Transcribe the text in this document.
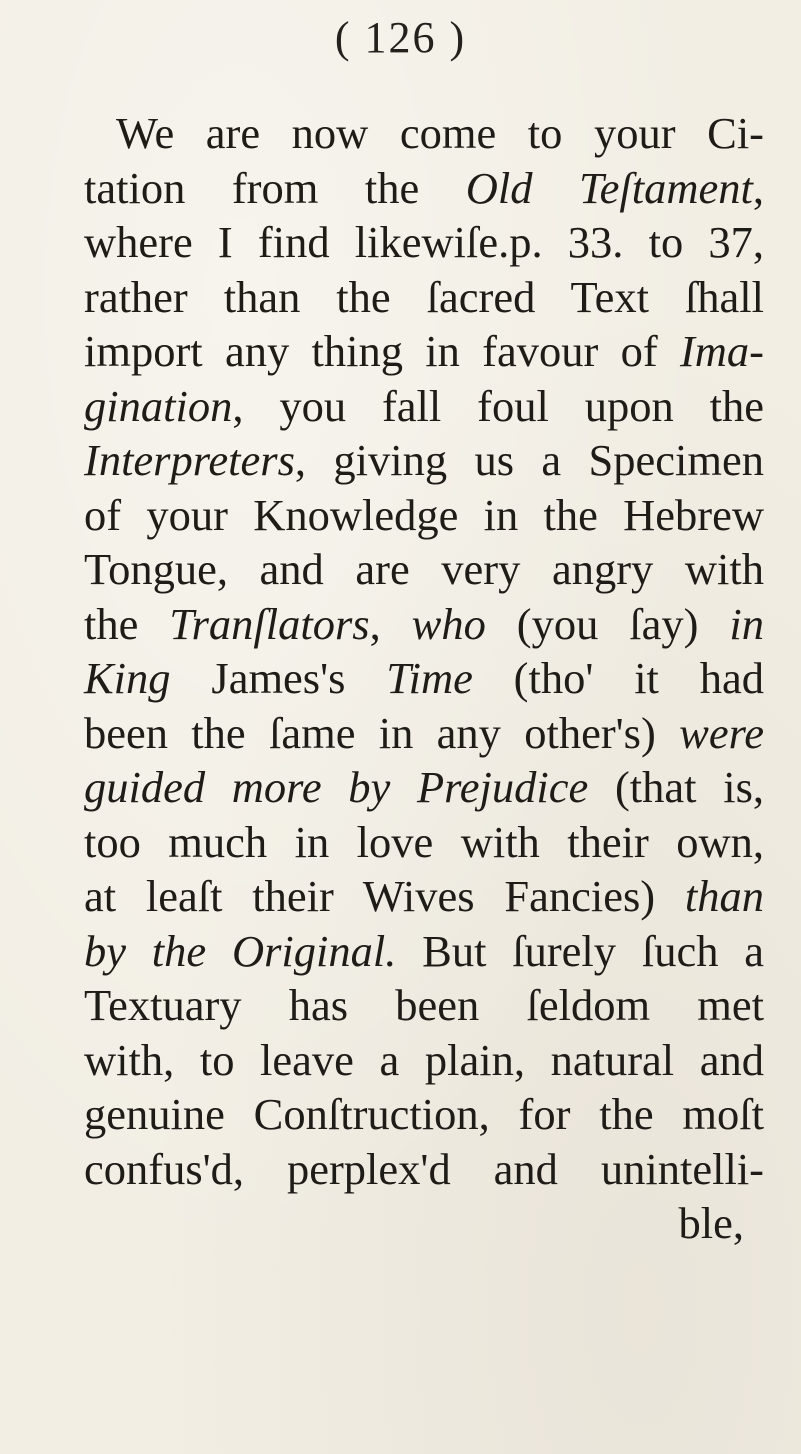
( 126 )
We are now come to your Ci-
tation from the Old Teſtament,
where I find likewiſe.p. 33. to 37,
rather than the ſacred Text ſhall
import any thing in favour of Ima-
gination, you fall foul upon the
Interpreters, giving us a Specimen
of your Knowledge in the Hebrew
Tongue, and are very angry with
the Tranſlators, who (you ſay) in
King James's Time (tho' it had
been the ſame in any other's) were
guided more by Prejudice (that is,
too much in love with their own,
at leaſt their Wives Fancies) than
by the Original. But ſurely ſuch a
Textuary has been ſeldom met
with, to leave a plain, natural and
genuine Conſtruction, for the moſt
confus'd, perplex'd and unintelli-
ble,
